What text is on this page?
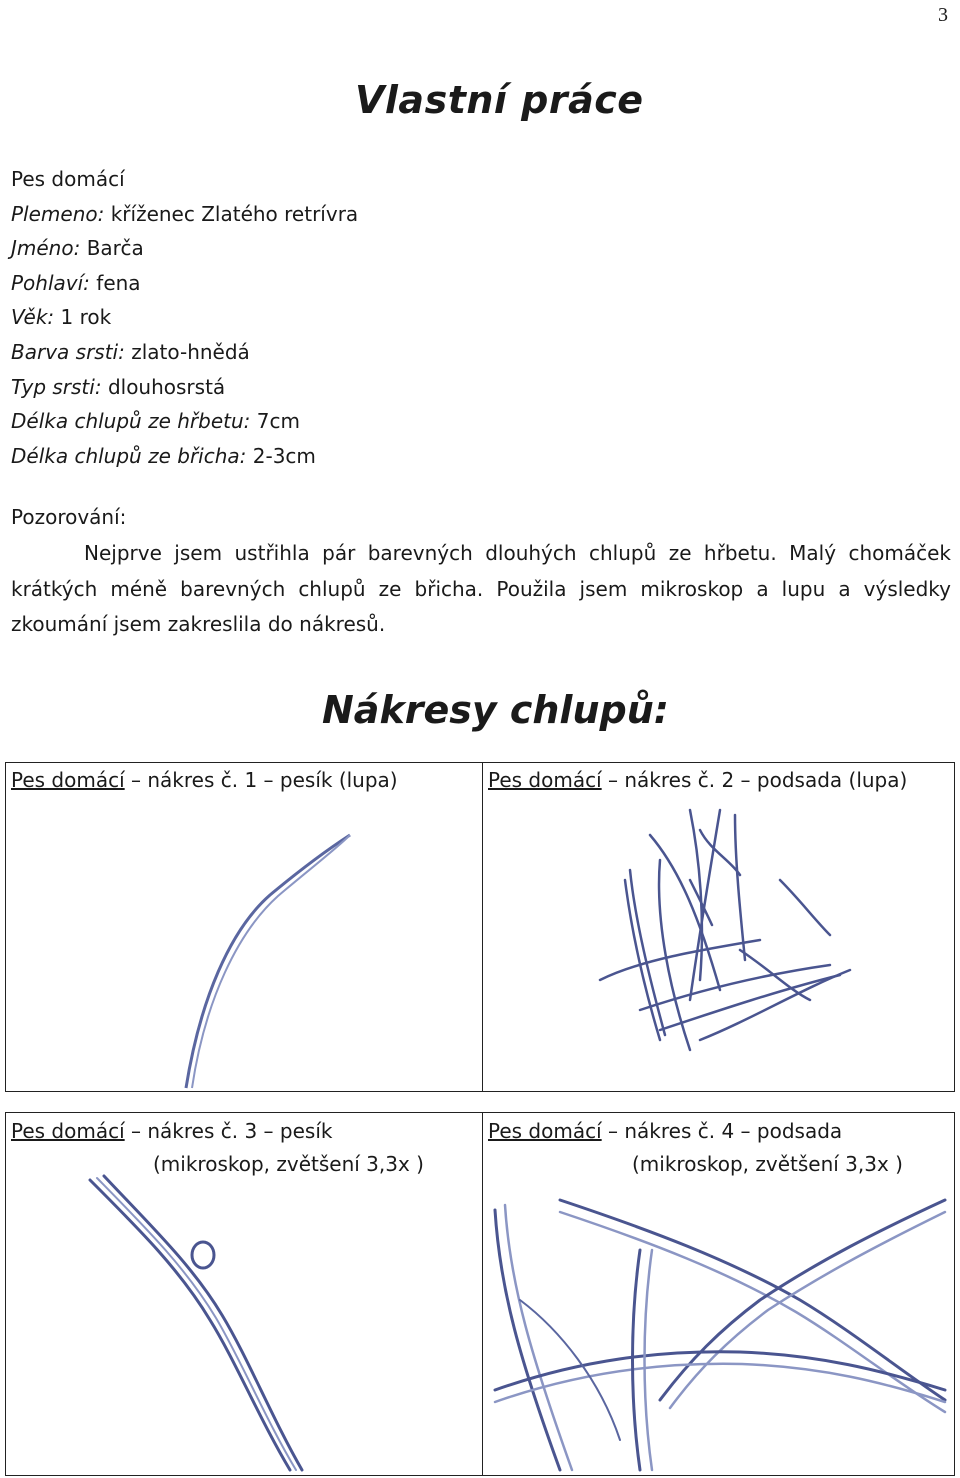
3
Vlastní práce
Pes domácí
Plemeno: kříženec Zlatého retrívra
Jméno: Barča
Pohlaví: fena
Věk: 1 rok
Barva srsti: zlato-hnědá
Typ srsti: dlouhosrstá
Délka chlupů ze hřbetu: 7cm
Délka chlupů ze břicha: 2-3cm
Pozorování:
Nejprve jsem ustřihla pár barevných dlouhých chlupů ze hřbetu. Malý chomáček krátkých méně barevných chlupů ze břicha. Použila jsem mikroskop a lupu a výsledky zkoumání jsem zakreslila do nákresů.
Nákresy chlupů:
Pes domácí – nákres č. 1 – pesík (lupa)	Pes domácí – nákres č. 2 – podsada (lupa)
Pes domácí – nákres č. 3 – pesík
(mikroskop, zvětšení 3,3x )
Pes domácí – nákres č. 4 – podsada
(mikroskop, zvětšení 3,3x )
